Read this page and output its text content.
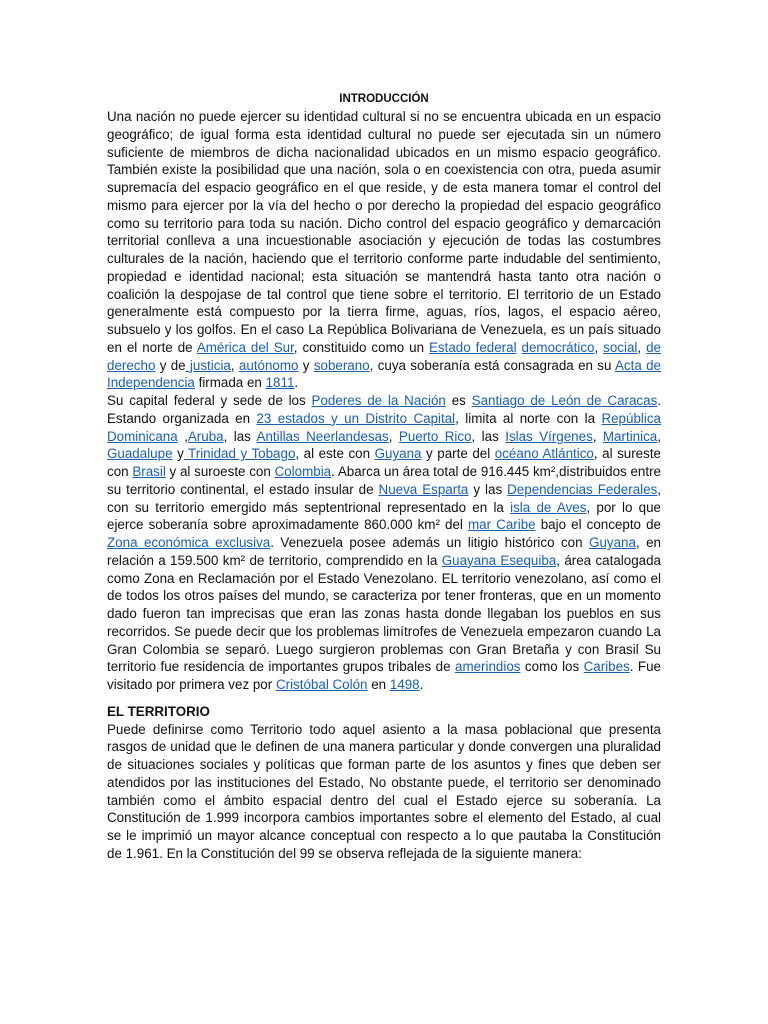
INTRODUCCIÓN

Una nación no puede ejercer su identidad cultural si no se encuentra ubicada en un espacio geográfico; de igual forma esta identidad cultural no puede ser ejecutada sin un número suficiente de miembros de dicha nacionalidad ubicados en un mismo espacio geográfico. También existe la posibilidad que una nación, sola o en coexistencia con otra, pueda asumir supremacía del espacio geográfico en el que reside, y de esta manera tomar el control del mismo para ejercer por la vía del hecho o por derecho la propiedad del espacio geográfico como su territorio para toda su nación. Dicho control del espacio geográfico y demarcación territorial conlleva a una incuestionable asociación y ejecución de todas las costumbres culturales de la nación, haciendo que el territorio conforme parte indudable del sentimiento, propiedad e identidad nacional; esta situación se mantendrá hasta tanto otra nación o coalición la despojase de tal control que tiene sobre el territorio. El territorio de un Estado generalmente está compuesto por la tierra firme, aguas, ríos, lagos, el espacio aéreo, subsuelo y los golfos. En el caso La República Bolivariana de Venezuela, es un país situado en el norte de América del Sur, constituido como un Estado federal democrático, social, de derecho y de justicia, autónomo y soberano, cuya soberanía está consagrada en su Acta de Independencia firmada en 1811.

Su capital federal y sede de los Poderes de la Nación es Santiago de León de Caracas. Estando organizada en 23 estados y un Distrito Capital, limita al norte con la República Dominicana ,Aruba, las Antillas Neerlandesas, Puerto Rico, las Islas Vírgenes, Martinica, Guadalupe y Trinidad y Tobago, al este con Guyana y parte del océano Atlántico, al sureste con Brasil y al suroeste con Colombia. Abarca un área total de 916.445 km²,distribuidos entre su territorio continental, el estado insular de Nueva Esparta y las Dependencias Federales, con su territorio emergido más septentrional representado en la isla de Aves, por lo que ejerce soberanía sobre aproximadamente 860.000 km² del mar Caribe bajo el concepto de Zona económica exclusiva. Venezuela posee además un litigio histórico con Guyana, en relación a 159.500 km² de territorio, comprendido en la Guayana Esequiba, área catalogada como Zona en Reclamación por el Estado Venezolano. EL territorio venezolano, así como el de todos los otros países del mundo, se caracteriza por tener fronteras, que en un momento dado fueron tan imprecisas que eran las zonas hasta donde llegaban los pueblos en sus recorridos. Se puede decir que los problemas limítrofes de Venezuela empezaron cuando La Gran Colombia se separó. Luego surgieron problemas con Gran Bretaña y con Brasil Su territorio fue residencia de importantes grupos tribales de amerindios como los Caribes. Fue visitado por primera vez por Cristóbal Colón en 1498.

EL TERRITORIO

Puede definirse como Territorio todo aquel asiento a la masa poblacional que presenta rasgos de unidad que le definen de una manera particular y donde convergen una pluralidad de situaciones sociales y políticas que forman parte de los asuntos y fines que deben ser atendidos por las instituciones del Estado, No obstante puede, el territorio ser denominado también como el ámbito espacial dentro del cual el Estado ejerce su soberanía. La Constitución de 1.999 incorpora cambios importantes sobre el elemento del Estado, al cual se le imprimió un mayor alcance conceptual con respecto a lo que pautaba la Constitución de 1.961. En la Constitución del 99 se observa reflejada de la siguiente manera:
